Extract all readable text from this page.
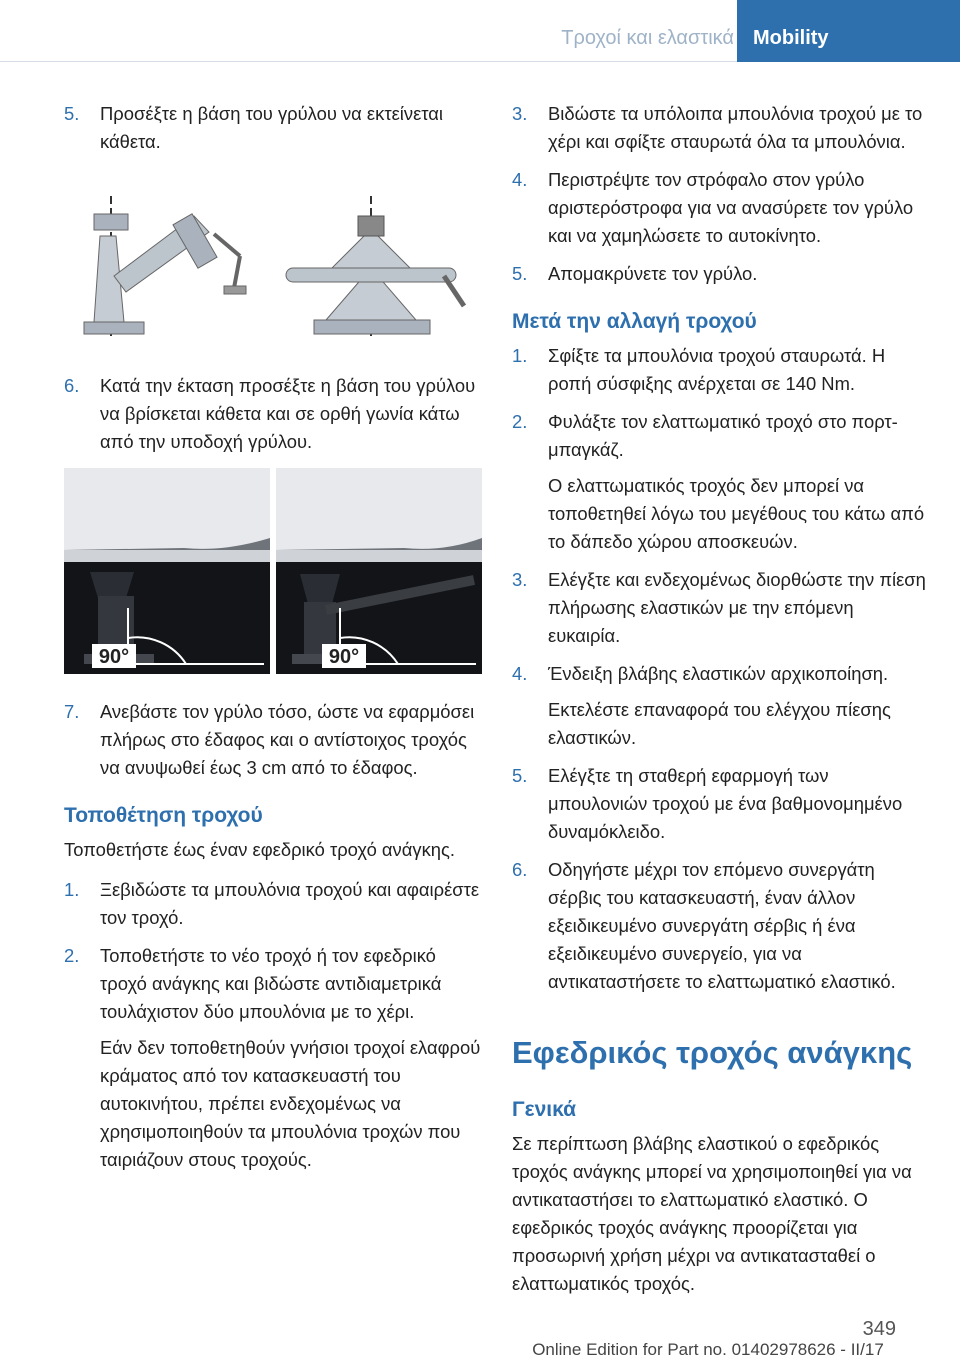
Τροχοί και ελαστικά Mobility
5. Προσέξτε η βάση του γρύλου να εκτείνεται κάθετα.

6. Κατά την έκταση προσέξτε η βάση του γρύλου να βρίσκεται κάθετα και σε ορθή γωνία κάτω από την υποδοχή γρύλου.

90°	90°
7. Ανεβάστε τον γρύλο τόσο, ώστε να εφαρμόσει πλήρως στο έδαφος και ο αντίστοιχος τροχός να ανυψωθεί έως 3 cm από το έδαφος.

Τοποθέτηση τροχού

Τοποθετήστε έως έναν εφεδρικό τροχό ανάγκης.

1. Ξεβιδώστε τα μπουλόνια τροχού και αφαιρέστε τον τροχό.

2. Τοποθετήστε το νέο τροχό ή τον εφεδρικό τροχό ανάγκης και βιδώστε αντιδιαμετρικά τουλάχιστον δύο μπουλόνια με το χέρι.

Εάν δεν τοποθετηθούν γνήσιοι τροχοί ελαφρού κράματος από τον κατασκευαστή του αυτοκινήτου, πρέπει ενδεχομένως να χρησιμοποιηθούν τα μπουλόνια τροχών που ταιριάζουν στους τροχούς.

3. Βιδώστε τα υπόλοιπα μπουλόνια τροχού με το χέρι και σφίξτε σταυρωτά όλα τα μπουλόνια.

4. Περιστρέψτε τον στρόφαλο στον γρύλο αριστερόστροφα για να ανασύρετε τον γρύλο και να χαμηλώσετε το αυτοκίνητο.

5. Απομακρύνετε τον γρύλο.

Μετά την αλλαγή τροχού
1. Σφίξτε τα μπουλόνια τροχού σταυρωτά. Η ροπή σύσφιξης ανέρχεται σε 140 Nm.

2. Φυλάξτε τον ελαττωματικό τροχό στο πορτ-μπαγκάζ.

Ο ελαττωματικός τροχός δεν μπορεί να τοποθετηθεί λόγω του μεγέθους του κάτω από το δάπεδο χώρου αποσκευών.

3. Ελέγξτε και ενδεχομένως διορθώστε την πίεση πλήρωσης ελαστικών με την επόμενη ευκαιρία.

4. Ένδειξη βλάβης ελαστικών αρχικοποίηση.

Εκτελέστε επαναφορά του ελέγχου πίεσης ελαστικών.

5. Ελέγξτε τη σταθερή εφαρμογή των μπουλονιών τροχού με ένα βαθμονομημένο δυναμόκλειδο.

6. Οδηγήστε μέχρι τον επόμενο συνεργάτη σέρβις του κατασκευαστή, έναν άλλον εξειδικευμένο συνεργάτη σέρβις ή ένα εξειδικευμένο συνεργείο, για να αντικαταστήσετε το ελαττωματικό ελαστικό.

Εφεδρικός τροχός ανάγκης
Γενικά

Σε περίπτωση βλάβης ελαστικού ο εφεδρικός τροχός ανάγκης μπορεί να χρησιμοποιηθεί για να αντικαταστήσει το ελαττωματικό ελαστικό. Ο εφεδρικός τροχός ανάγκης προορίζεται για προσωρινή χρήση μέχρι να αντικατασταθεί ο ελαττωματικός τροχός.

349
Online Edition for Part no. 01402978626 - II/17
